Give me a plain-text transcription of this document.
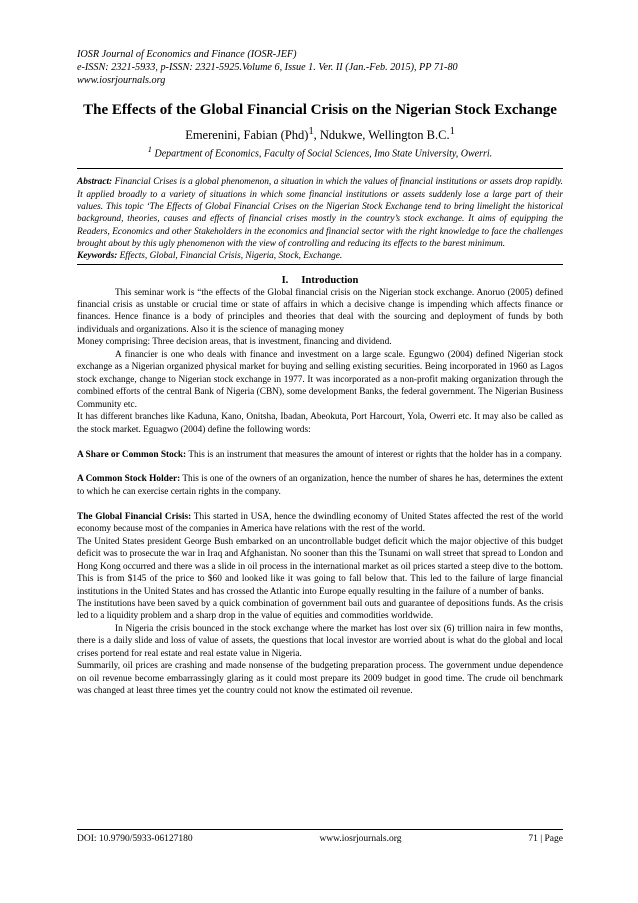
IOSR Journal of Economics and Finance (IOSR-JEF)
e-ISSN: 2321-5933, p-ISSN: 2321-5925.Volume 6, Issue 1. Ver. II (Jan.-Feb. 2015), PP 71-80
www.iosrjournals.org
The Effects of the Global Financial Crisis on the Nigerian Stock Exchange
Emerenini, Fabian (Phd)$^1$, Ndukwe, Wellington B.C.$^1$
$^1$ Department of Economics, Faculty of Social Sciences, Imo State University, Owerri.
Abstract: Financial Crises is a global phenomenon, a situation in which the values of financial institutions or assets drop rapidly. It applied broadly to a variety of situations in which some financial institutions or assets suddenly lose a large part of their values. This topic ‘The Effects of Global Financial Crises on the Nigerian Stock Exchange tend to bring limelight the historical background, theories, causes and effects of financial crises mostly in the country’s stock exchange. It aims of equipping the Readers, Economics and other Stakeholders in the economics and financial sector with the right knowledge to face the challenges brought about by this ugly phenomenon with the view of controlling and reducing its effects to the barest minimum.
Keywords: Effects, Global, Financial Crisis, Nigeria, Stock, Exchange.
I.     Introduction

This seminar work is “the effects of the Global financial crisis on the Nigerian stock exchange. Anoruo (2005) defined financial crisis as unstable or crucial time or state of affairs in which a decisive change is impending which affects finance or finances. Hence finance is a body of principles and theories that deal with the sourcing and deployment of funds by both individuals and organizations. Also it is the science of managing money

Money comprising: Three decision areas, that is investment, financing and dividend.

A financier is one who deals with finance and investment on a large scale. Egungwo (2004) defined Nigerian stock exchange as a Nigerian organized physical market for buying and selling existing securities. Being incorporated in 1960 as Lagos stock exchange, change to Nigerian stock exchange in 1977. It was incorporated as a non-profit making organization through the combined efforts of the central Bank of Nigeria (CBN), some development Banks, the federal government. The Nigerian Business Community etc.

It has different branches like Kaduna, Kano, Onitsha, Ibadan, Abeokuta, Port Harcourt, Yola, Owerri etc. It may also be called as the stock market. Eguagwo (2004) define the following words:

A Share or Common Stock: This is an instrument that measures the amount of interest or rights that the holder has in a company.

A Common Stock Holder: This is one of the owners of an organization, hence the number of shares he has, determines the extent to which he can exercise certain rights in the company.

The Global Financial Crisis: This started in USA, hence the dwindling economy of United States affected the rest of the world economy because most of the companies in America have relations with the rest of the world.

The United States president George Bush embarked on an uncontrollable budget deficit which the major objective of this budget deficit was to prosecute the war in Iraq and Afghanistan. No sooner than this the Tsunami on wall street that spread to London and Hong Kong occurred and there was a slide in oil process in the international market as oil prices started a steep dive to the bottom. This is from $145 of the price to $60 and looked like it was going to fall below that. This led to the failure of large financial institutions in the United States and has crossed the Atlantic into Europe equally resulting in the failure of a number of banks.

The institutions have been saved by a quick combination of government bail outs and guarantee of depositions funds. As the crisis led to a liquidity problem and a sharp drop in the value of equities and commodities worldwide.

In Nigeria the crisis bounced in the stock exchange where the market has lost over six (6) trillion naira in few months, there is a daily slide and loss of value of assets, the questions that local investor are worried about is what do the global and local crises portend for real estate and real estate value in Nigeria.

Summarily, oil prices are crashing and made nonsense of the budgeting preparation process. The government undue dependence on oil revenue become embarrassingly glaring as it could most prepare its 2009 budget in good time. The crude oil benchmark was changed at least three times yet the country could not know the estimated oil revenue.

DOI: 10.9790/5933-06127180	www.iosrjournals.org	71 | Page
